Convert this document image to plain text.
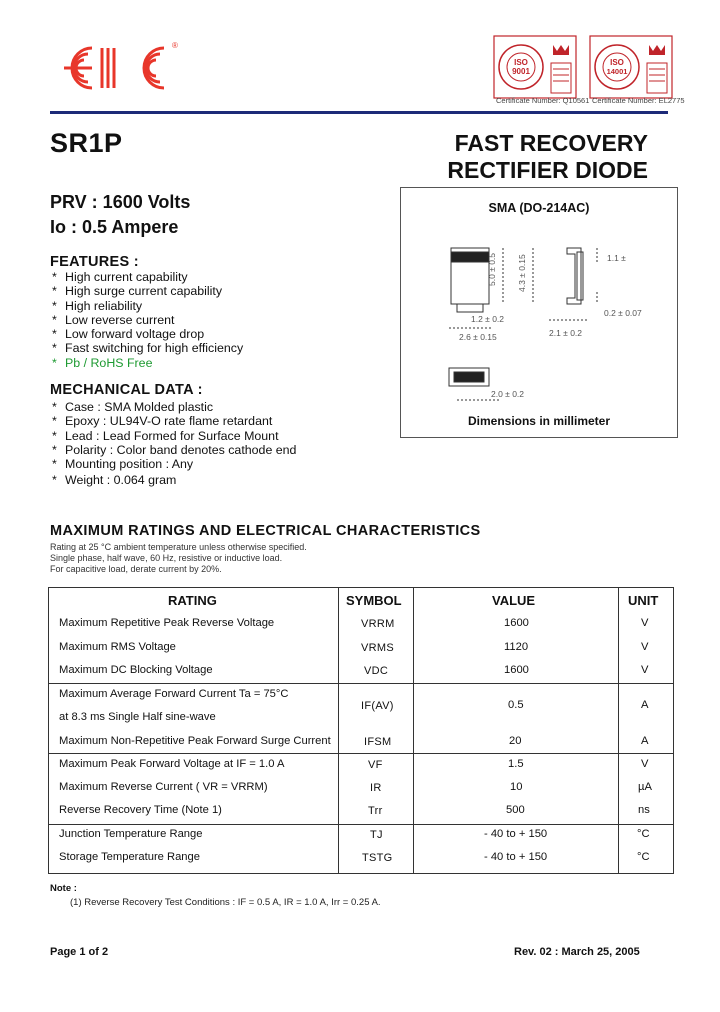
®
ISO
9001
Certificate Number: Q10561
ISO
14001
Certificate Number: EL2775
SR1P	FAST RECOVERY
RECTIFIER DIODE
PRV : 1600 Volts
Io : 0.5 Ampere
FEATURES :
* High current capability
* High surge current capability
* High reliability
* Low reverse current
* Low forward voltage drop
* Fast switching for high efficiency
* Pb / RoHS Free
MECHANICAL DATA :
* Case : SMA Molded plastic
* Epoxy : UL94V-O rate flame retardant
* Lead : Lead Formed for Surface Mount
* Polarity : Color band denotes cathode end
* Mounting position : Any
* Weight : 0.064 gram
SMA (DO-214AC)
5.0 ± 0.5 4.3 ± 0.15	1.1 ±
0.2 ± 0.07
1.2 ± 0.2
2.6 ± 0.15	2.1 ± 0.2
2.0 ± 0.2
Dimensions in millimeter
MAXIMUM RATINGS AND ELECTRICAL CHARACTERISTICS
Rating at 25 °C ambient temperature unless otherwise specified.
Single phase, half wave, 60 Hz, resistive or inductive load.
For capacitive load, derate current by 20%.
RATING	SYMBOL	VALUE	UNIT
Maximum Repetitive Peak Reverse Voltage	VRRM	1600	V
Maximum RMS Voltage	VRMS	1120	V
Maximum DC Blocking Voltage	VDC	1600	V
Maximum Average Forward Current Ta = 75°C
at 8.3 ms Single Half sine-wave
IF(AV)	0.5	A
Maximum Non-Repetitive Peak Forward Surge Current	IFSM	20	A
Maximum Peak Forward Voltage at IF = 1.0 A	VF	1.5	V
Maximum Reverse Current ( VR = VRRM)	IR	10	µA
Reverse Recovery Time (Note 1)	Trr	500	ns
Junction Temperature Range	TJ	- 40 to + 150	°C
Storage Temperature Range	TSTG	- 40 to + 150	°C
Note :
(1) Reverse Recovery Test Conditions : IF = 0.5 A, IR = 1.0 A, Irr = 0.25 A.
Page 1 of 2	Rev. 02 : March 25, 2005
